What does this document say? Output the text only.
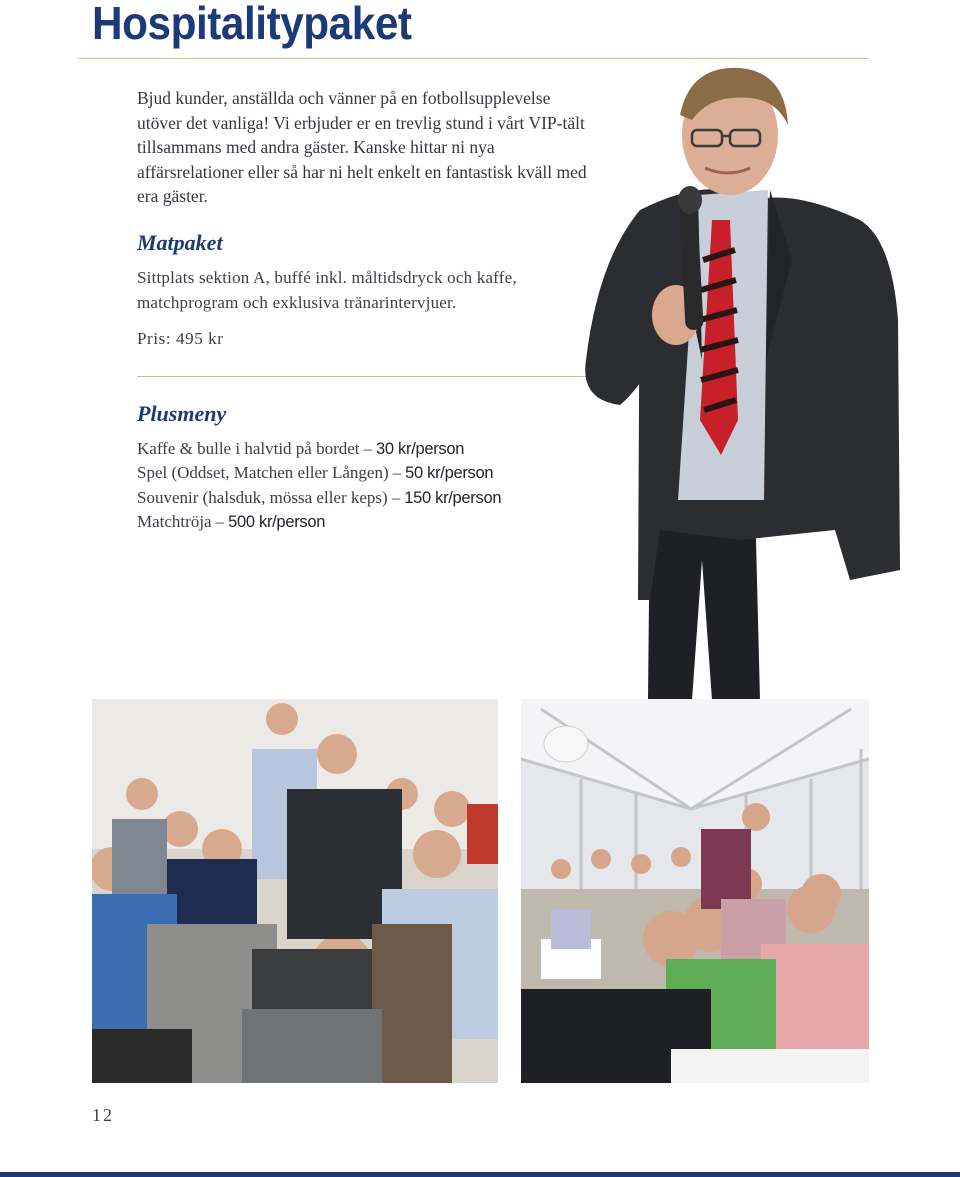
Hospitalitypaket

Bjud kunder, anställda och vänner på en fotbollsupplevelse utöver det vanliga! Vi erbjuder er en trevlig stund i vårt VIP-tält tillsammans med andra gäster. Kanske hittar ni nya affärsrelationer eller så har ni helt enkelt en fantastisk kväll med era gäster.

Matpaket

Sittplats sektion A, buffé inkl. måltidsdryck och kaffe, matchprogram och exklusiva tränarintervjuer.

Pris: 495 kr

Plusmeny
Kaffe & bulle i halvtid på bordet – 30 kr/person
Spel (Oddset, Matchen eller Lången) – 50 kr/person
Souvenir (halsduk, mössa eller keps) – 150 kr/person
Matchtröja – 500 kr/person
12
